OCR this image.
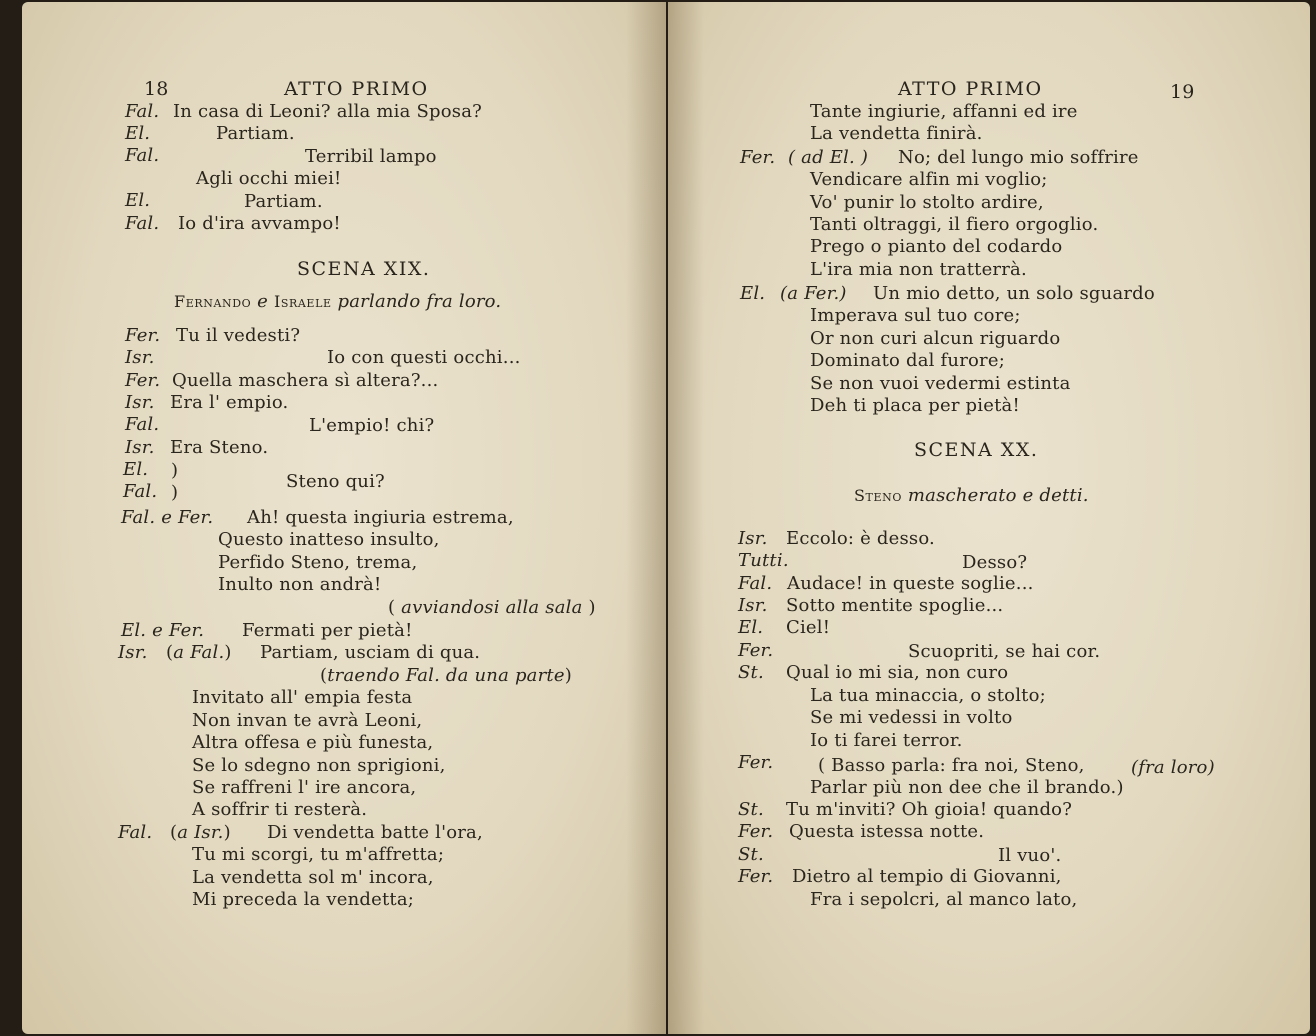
18	ATTO PRIMO
Fal. In casa di Leoni? alla mia Sposa?
El.	Partiam.
Fal.	Terribil lampo
Agli occhi miei!
El.	Partiam.
Fal. Io d'ira avvampo!
SCENA XIX.
Fernando e Israele parlando fra loro.
Fer. Tu il vedesti?
Isr.	Io con questi occhi...
Fer. Quella maschera sì altera?...
Isr. Era l' empio.
Fal.	L'empio! chi?
Isr. Era Steno.
El. )
Fal. )
Steno qui?
Fal. e Fer. Ah! questa ingiuria estrema,
Questo inatteso insulto,
Perfido Steno, trema,
Inulto non andrà!
( avviandosi alla sala )
El. e Fer. Fermati per pietà!
Isr. (a Fal.) Partiam, usciam di qua.
(traendo Fal. da una parte)
Invitato all' empia festa
Non invan te avrà Leoni,
Altra offesa e più funesta,
Se lo sdegno non sprigioni,
Se raffreni l' ire ancora,
A soffrir ti resterà.
Fal. (a Isr.) Di vendetta batte l'ora,
Tu mi scorgi, tu m'affretta;
La vendetta sol m' incora,
Mi preceda la vendetta;
ATTO PRIMO	19
Tante ingiurie, affanni ed ire
La vendetta finirà.
Fer. ( ad El. ) No; del lungo mio soffrire
Vendicare alfin mi voglio;
Vo' punir lo stolto ardire,
Tanti oltraggi, il fiero orgoglio.
Prego o pianto del codardo
L'ira mia non tratterrà.
El. (a Fer.) Un mio detto, un solo sguardo
Imperava sul tuo core;
Or non curi alcun riguardo
Dominato dal furore;
Se non vuoi vedermi estinta
Deh ti placa per pietà!
SCENA XX.
Steno mascherato e detti.
Isr. Eccolo: è desso.
Tutti.	Desso?
Fal. Audace! in queste soglie...
Isr. Sotto mentite spoglie...
El. Ciel!
Fer.	Scuopriti, se hai cor.
St. Qual io mi sia, non curo
La tua minaccia, o stolto;
Se mi vedessi in volto
Io ti farei terror.
Fer. ( Basso parla: fra noi, Steno,	(fra loro)
Parlar più non dee che il brando.)
St. Tu m'inviti? Oh gioia! quando?
Fer. Questa istessa notte.
St.	Il vuo'.
Fer. Dietro al tempio di Giovanni,
Fra i sepolcri, al manco lato,
